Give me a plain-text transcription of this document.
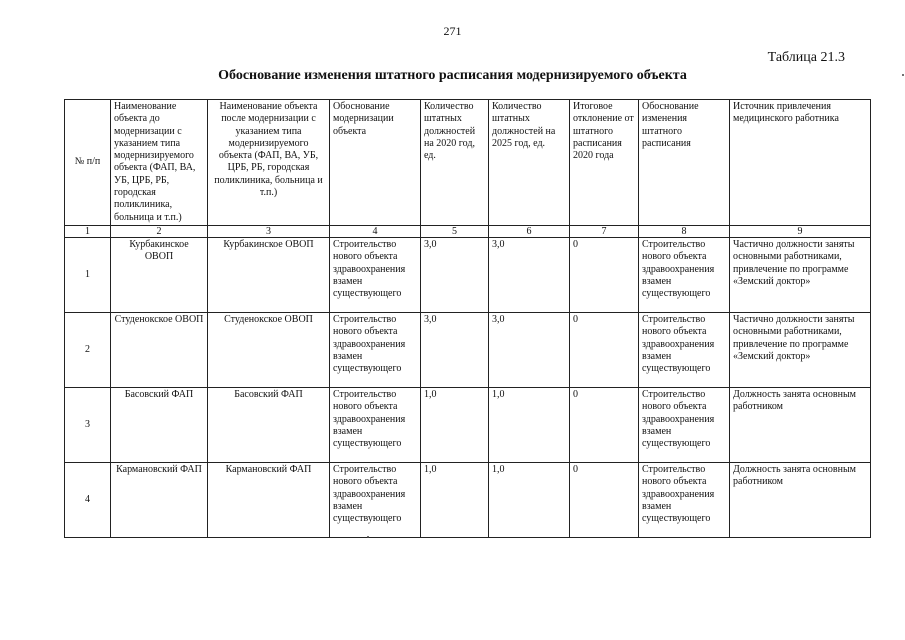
271
Таблица 21.3
Обоснование изменения штатного расписания модернизируемого объекта
№ п/п	Наименование объекта до модернизации с указанием типа модернизируемого объекта (ФАП, ВА, УБ, ЦРБ, РБ, городская поликлиника, больница и т.п.)	Наименование объекта после модернизации с указанием типа модернизируемого объекта (ФАП, ВА, УБ, ЦРБ, РБ, городская поликлиника, больница и т.п.)	Обоснование модернизации объекта	Количество штатных должностей на 2020 год, ед.	Количество штатных должностей на 2025 год, ед.	Итоговое отклонение от штатного расписания 2020 года	Обоснование изменения штатного расписания	Источник привлечения медицинского работника
1	2	3	4	5	6	7	8	9
1	Курбакинское ОВОП	Курбакинское ОВОП	Строительство нового объекта здравоохранения взамен существующего	3,0	3,0	0	Строительство нового объекта здравоохранения взамен существующего	Частично должности заняты основными работниками, привлечение по программе «Земский доктор»
2	Студенокское ОВОП	Студенокское ОВОП	Строительство нового объекта здравоохранения взамен существующего	3,0	3,0	0	Строительство нового объекта здравоохранения взамен существующего	Частично должности заняты основными работниками, привлечение по программе «Земский доктор»
3	Басовский ФАП	Басовский ФАП	Строительство нового объекта здравоохранения взамен существующего	1,0	1,0	0	Строительство нового объекта здравоохранения взамен существующего	Должность занята основным работником
4	Кармановский ФАП	Кармановский ФАП	Строительство нового объекта здравоохранения взамен существующего	1,0	1,0	0	Строительство нового объекта здравоохранения взамен существующего	Должность занята основным работником
